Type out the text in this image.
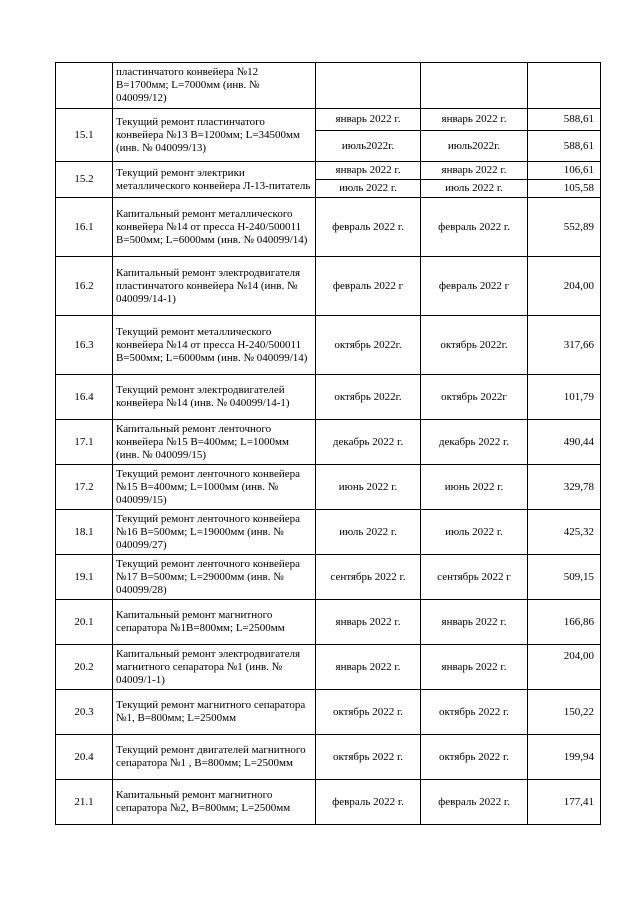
	пластинчатого конвейера №12 B=1700мм; L=7000мм (инв. № 040099/12)			
15.1	Текущий ремонт пластинчатого конвейера №13 B=1200мм; L=34500мм (инв. № 040099/13)	январь 2022 г.	январь 2022 г.	588,61
		июль2022г.	июль2022г.	588,61
15.2	Текущий ремонт электрики металлического конвейера Л-13-питатель	январь 2022 г.	январь 2022 г.	106,61
		июль 2022 г.	июль 2022 г.	105,58
16.1	Капитальный ремонт металлического конвейера №14 от пресса Н-240/500011 B=500мм; L=6000мм (инв. № 040099/14)	февраль 2022 г.	февраль 2022 г.	552,89
16.2	Капитальный ремонт электродвигателя пластинчатого конвейера №14 (инв. № 040099/14-1)	февраль 2022 г	февраль 2022 г	204,00
16.3	Текущий ремонт металлического конвейера №14 от пресса Н-240/500011 B=500мм; L=6000мм (инв. № 040099/14)	октябрь 2022г.	октябрь 2022г.	317,66
16.4	Текущий ремонт электродвигателей конвейера №14 (инв. № 040099/14-1)	октябрь 2022г.	октябрь 2022г	101,79
17.1	Капитальный ремонт ленточного конвейера №15 B=400мм; L=1000мм (инв. № 040099/15)	декабрь 2022 г.	декабрь 2022 г.	490,44
17.2	Текущий ремонт ленточного конвейера №15 B=400мм; L=1000мм (инв. № 040099/15)	июнь 2022 г.	июнь 2022 г.	329,78
18.1	Текущий ремонт ленточного конвейера №16 B=500мм; L=19000мм (инв. № 040099/27)	июль 2022 г.	июль 2022 г.	425,32
19.1	Текущий ремонт ленточного конвейера №17 B=500мм; L=29000мм (инв. № 040099/28)	сентябрь 2022 г.	сентябрь 2022 г	509,15
20.1	Капитальный ремонт магнитного сепаратора №1B=800мм; L=2500мм	январь 2022 г.	январь 2022 г.	166,86
20.2	Капитальный ремонт электродвигателя магнитного сепаратора №1 (инв. № 04009/1-1)	январь 2022 г.	январь 2022 г.	204,00
20.3	Текущий ремонт магнитного сепаратора №1, B=800мм; L=2500мм	октябрь 2022 г.	октябрь 2022 г.	150,22
20.4	Текущий ремонт двигателей магнитного сепаратора №1 , B=800мм; L=2500мм	октябрь 2022 г.	октябрь 2022 г.	199,94
21.1	Капитальный ремонт магнитного сепаратора №2, B=800мм; L=2500мм	февраль 2022 г.	февраль 2022 г.	177,41
